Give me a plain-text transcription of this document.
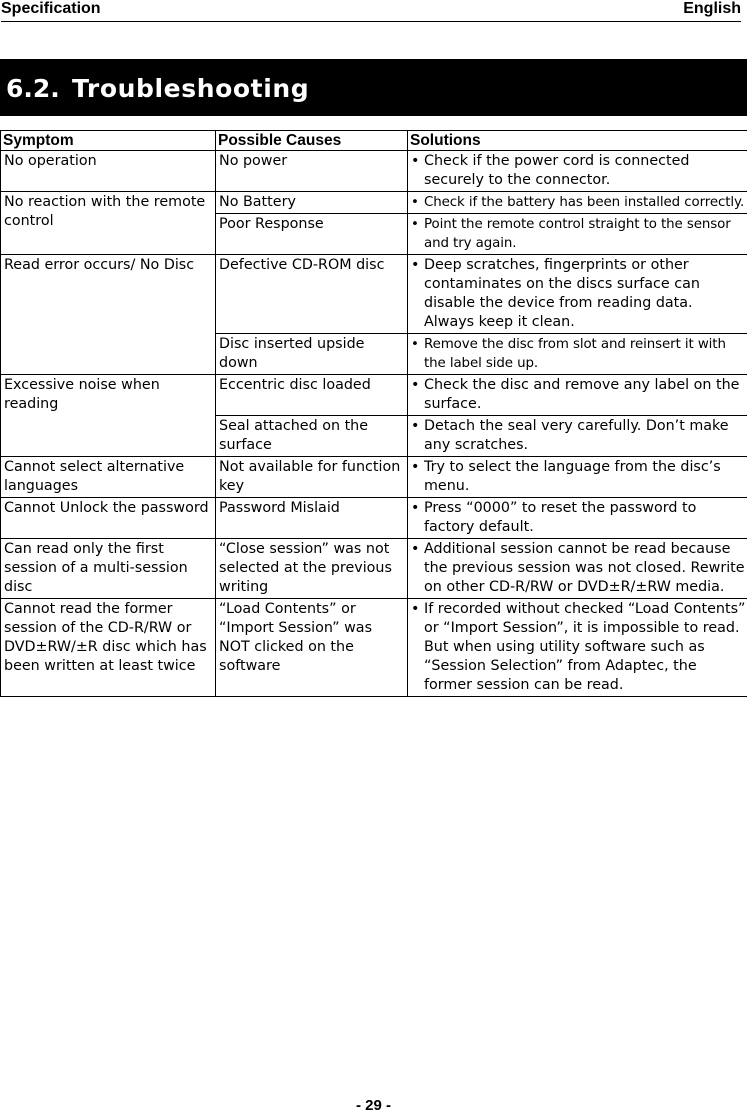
Specification	English
6.2. Troubleshooting
Symptom	Possible Causes	Solutions
No operation	No power	• Check if the power cord is connected securely to the connector.

No reaction with the remote control	No Battery	• Check if the battery has been installed correctly.

	Poor Response	• Point the remote control straight to the sensor and try again.

Read error occurs/ No Disc	Defective CD-ROM disc	• Deep scratches, fingerprints or other contaminates on the discs surface can disable the device from reading data. Always keep it clean.

	Disc inserted upside down	• Remove the disc from slot and reinsert it with the label side up.

Excessive noise when reading	Eccentric disc loaded	• Check the disc and remove any label on the surface.

	Seal attached on the surface	• Detach the seal very carefully. Don’t make any scratches.

Cannot select alternative languages	Not available for function key	• Try to select the language from the disc’s menu.

Cannot Unlock the password	Password Mislaid	• Press “0000” to reset the password to factory default.

Can read only the first session of a multi-session disc	“Close session” was not selected at the previous writing	• Additional session cannot be read because the previous session was not closed. Rewrite on other CD-R/RW or DVD±R/±RW media.

Cannot read the former session of the CD-R/RW or DVD±RW/±R disc which has been written at least twice	“Load Contents” or “Import Session” was NOT clicked on the software	• If recorded without checked “Load Contents” or “Import Session”, it is impossible to read. But when using utility software such as “Session Selection” from Adaptec, the former session can be read.
- 29 -
